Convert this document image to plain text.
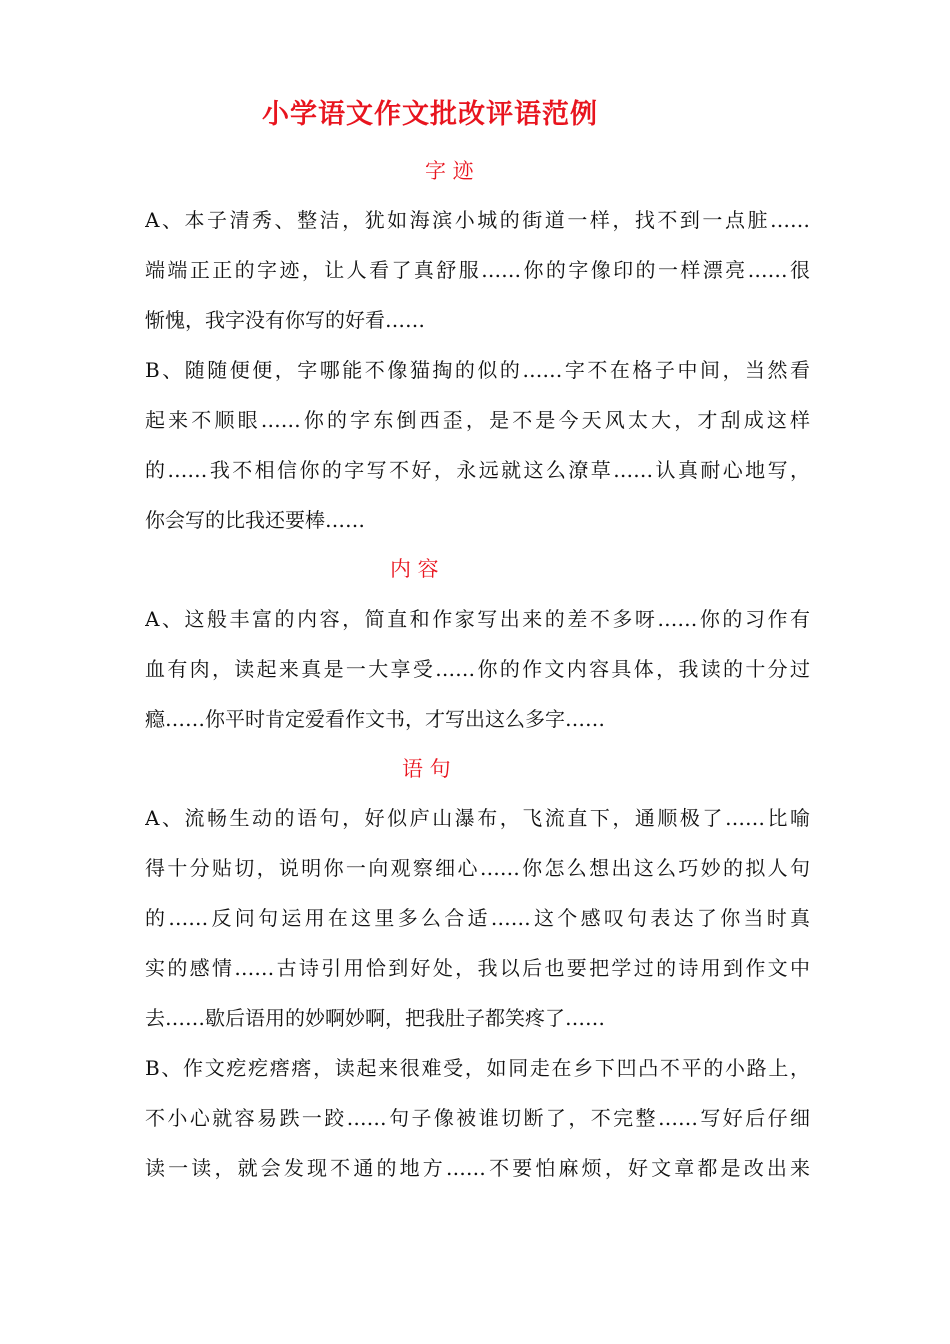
小学语文作文批改评语范例
字 迹
A、本子清秀、整洁，犹如海滨小城的街道一样，找不到一点脏……
端端正正的字迹，让人看了真舒服……你的字像印的一样漂亮……很
惭愧，我字没有你写的好看……
B、随随便便，字哪能不像猫掏的似的……字不在格子中间，当然看
起来不顺眼……你的字东倒西歪，是不是今天风太大，才刮成这样
的……我不相信你的字写不好，永远就这么潦草……认真耐心地写，
你会写的比我还要棒……
内 容
A、这般丰富的内容，简直和作家写出来的差不多呀……你的习作有
血有肉，读起来真是一大享受……你的作文内容具体，我读的十分过
瘾……你平时肯定爱看作文书，才写出这么多字……
语 句
A、流畅生动的语句，好似庐山瀑布，飞流直下，通顺极了……比喻
得十分贴切，说明你一向观察细心……你怎么想出这么巧妙的拟人句
的……反问句运用在这里多么合适……这个感叹句表达了你当时真
实的感情……古诗引用恰到好处，我以后也要把学过的诗用到作文中
去……歇后语用的妙啊妙啊，把我肚子都笑疼了……
B、作文疙疙瘩瘩，读起来很难受，如同走在乡下凹凸不平的小路上，
不小心就容易跌一跤……句子像被谁切断了，不完整……写好后仔细
读一读，就会发现不通的地方……不要怕麻烦，好文章都是改出来
